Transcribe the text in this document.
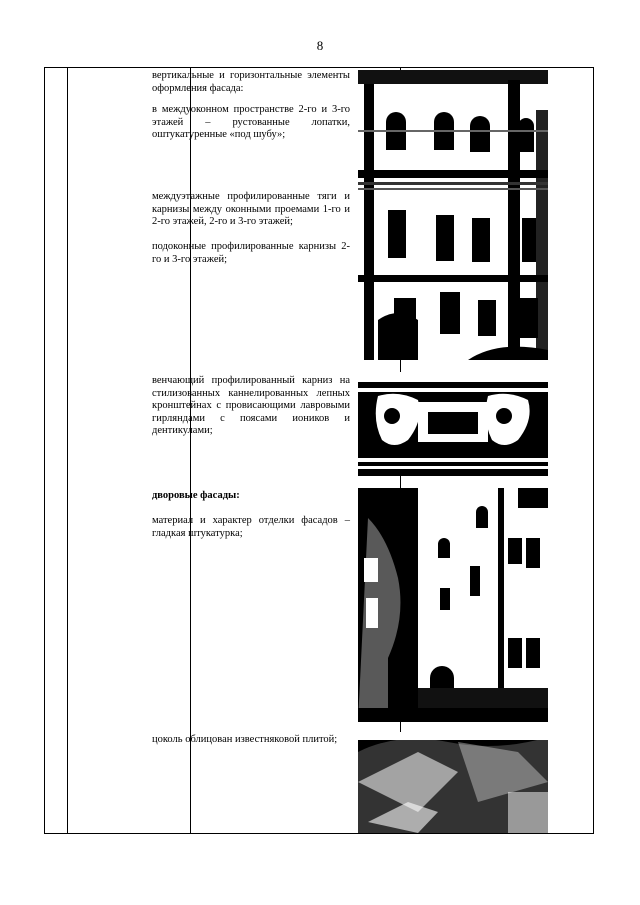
8
вертикальные и горизонтальные элементы оформления фасада:
в междуоконном пространстве 2-го и 3-го этажей – рустованные лопатки, оштукатуренные «под шубу»;
междуэтажные профилированные тяги и карнизы между оконными проемами 1-го и 2-го этажей, 2-го и 3-го этажей;
подоконные профилированные карнизы 2-го и 3-го этажей;
венчающий профилированный карниз на стилизованных каннелированных лепных кронштейнах с провисающими лавровыми гирляндами с поясами иоников и дентикулами;
дворовые фасады:
материал и характер отделки фасадов – гладкая штукатурка;
цоколь облицован известняковой плитой;
